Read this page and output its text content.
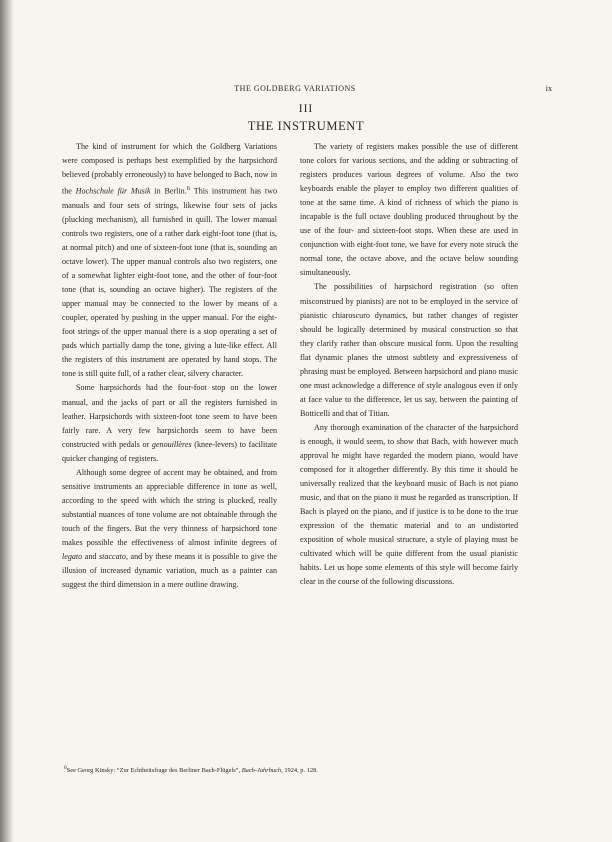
THE GOLDBERG VARIATIONS	ix
III
THE INSTRUMENT

The kind of instrument for which the Goldberg Variations were composed is perhaps best exemplified by the harpsichord believed (probably erroneously) to have belonged to Bach, now in the Hochschule für Musik in Berlin.$^6$ This instrument has two manuals and four sets of strings, likewise four sets of jacks (plucking mechanism), all furnished in quill. The lower manual controls two registers, one of a rather dark eight-foot tone (that is, at normal pitch) and one of sixteen-foot tone (that is, sounding an octave lower). The upper manual controls also two registers, one of a somewhat lighter eight-foot tone, and the other of four-foot tone (that is, sounding an octave higher). The registers of the upper manual may be connected to the lower by means of a coupler, operated by pushing in the upper manual. For the eight-foot strings of the upper manual there is a stop operating a set of pads which partially damp the tone, giving a lute-like effect. All the registers of this instrument are operated by hand stops. The tone is still quite full, of a rather clear, silvery character.

Some harpsichords had the four-foot stop on the lower manual, and the jacks of part or all the registers furnished in leather. Harpsichords with sixteen-foot tone seem to have been fairly rare. A very few harpsichords seem to have been constructed with pedals or genouillères (knee-levers) to facilitate quicker changing of registers.

Although some degree of accent may be obtained, and from sensitive instruments an appreciable difference in tone as well, according to the speed with which the string is plucked, really substantial nuances of tone volume are not obtainable through the touch of the fingers. But the very thinness of harpsichord tone makes possible the effectiveness of almost infinite degrees of legato and staccato, and by these means it is possible to give the illusion of increased dynamic variation, much as a painter can suggest the third dimension in a mere outline drawing.

The variety of registers makes possible the use of different tone colors for various sections, and the adding or subtracting of registers produces various degrees of volume. Also the two keyboards enable the player to employ two different qualities of tone at the same time. A kind of richness of which the piano is incapable is the full octave doubling produced throughout by the use of the four- and sixteen-foot stops. When these are used in conjunction with eight-foot tone, we have for every note struck the normal tone, the octave above, and the octave below sounding simultaneously.

The possibilities of harpsichord registration (so often misconstrued by pianists) are not to be employed in the service of pianistic chiaroscuro dynamics, but rather changes of register should be logically determined by musical construction so that they clarify rather than obscure musical form. Upon the resulting flat dynamic planes the utmost subtlety and expressiveness of phrasing must be employed. Between harpsichord and piano music one must acknowledge a difference of style analogous even if only at face value to the difference, let us say, between the painting of Botticelli and that of Titian.

Any thorough examination of the character of the harpsichord is enough, it would seem, to show that Bach, with however much approval he might have regarded the modern piano, would have composed for it altogether differently. By this time it should be universally realized that the keyboard music of Bach is not piano music, and that on the piano it must be regarded as transcription. If Bach is played on the piano, and if justice is to be done to the true expression of the thematic material and to an undistorted exposition of whole musical structure, a style of playing must be cultivated which will be quite different from the usual pianistic habits. Let us hope some elements of this style will become fairly clear in the course of the following discussions.

$^6$See Georg Kinsky: “Zur Echtheitsfrage des Berliner Bach-Flügels”, Bach-Jahrbuch, 1924, p. 128.
